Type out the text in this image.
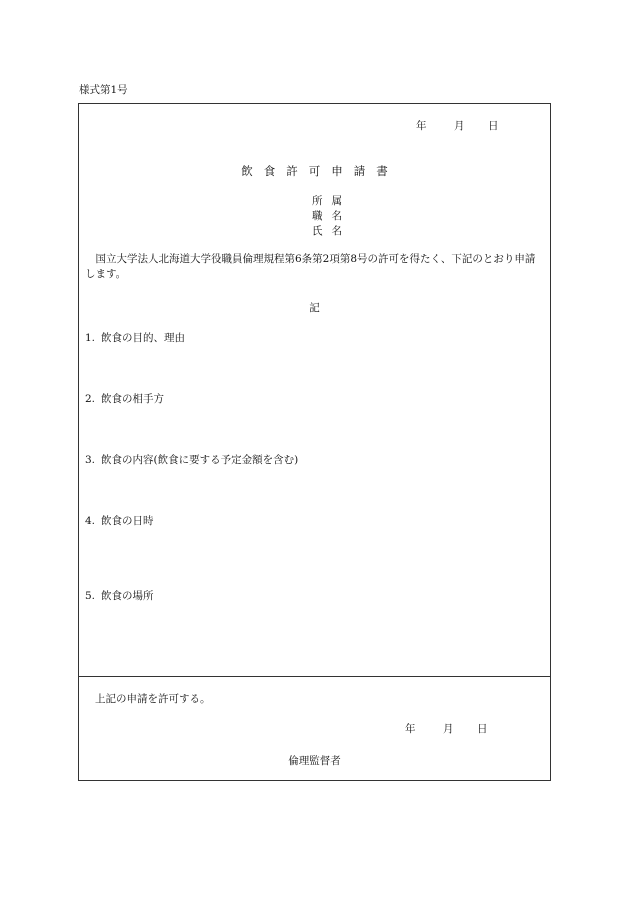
様式第1号
年	月 日
飲食許可申請書
所属
職名
氏名
国立大学法人北海道大学役職員倫理規程第6条第2項第8号の許可を得たく、下記のとおり申請します。
記
1. 飲食の目的、理由
2. 飲食の相手方
3. 飲食の内容(飲食に要する予定金額を含む)
4. 飲食の日時
5. 飲食の場所
上記の申請を許可する。
年	月 日
倫理監督者
